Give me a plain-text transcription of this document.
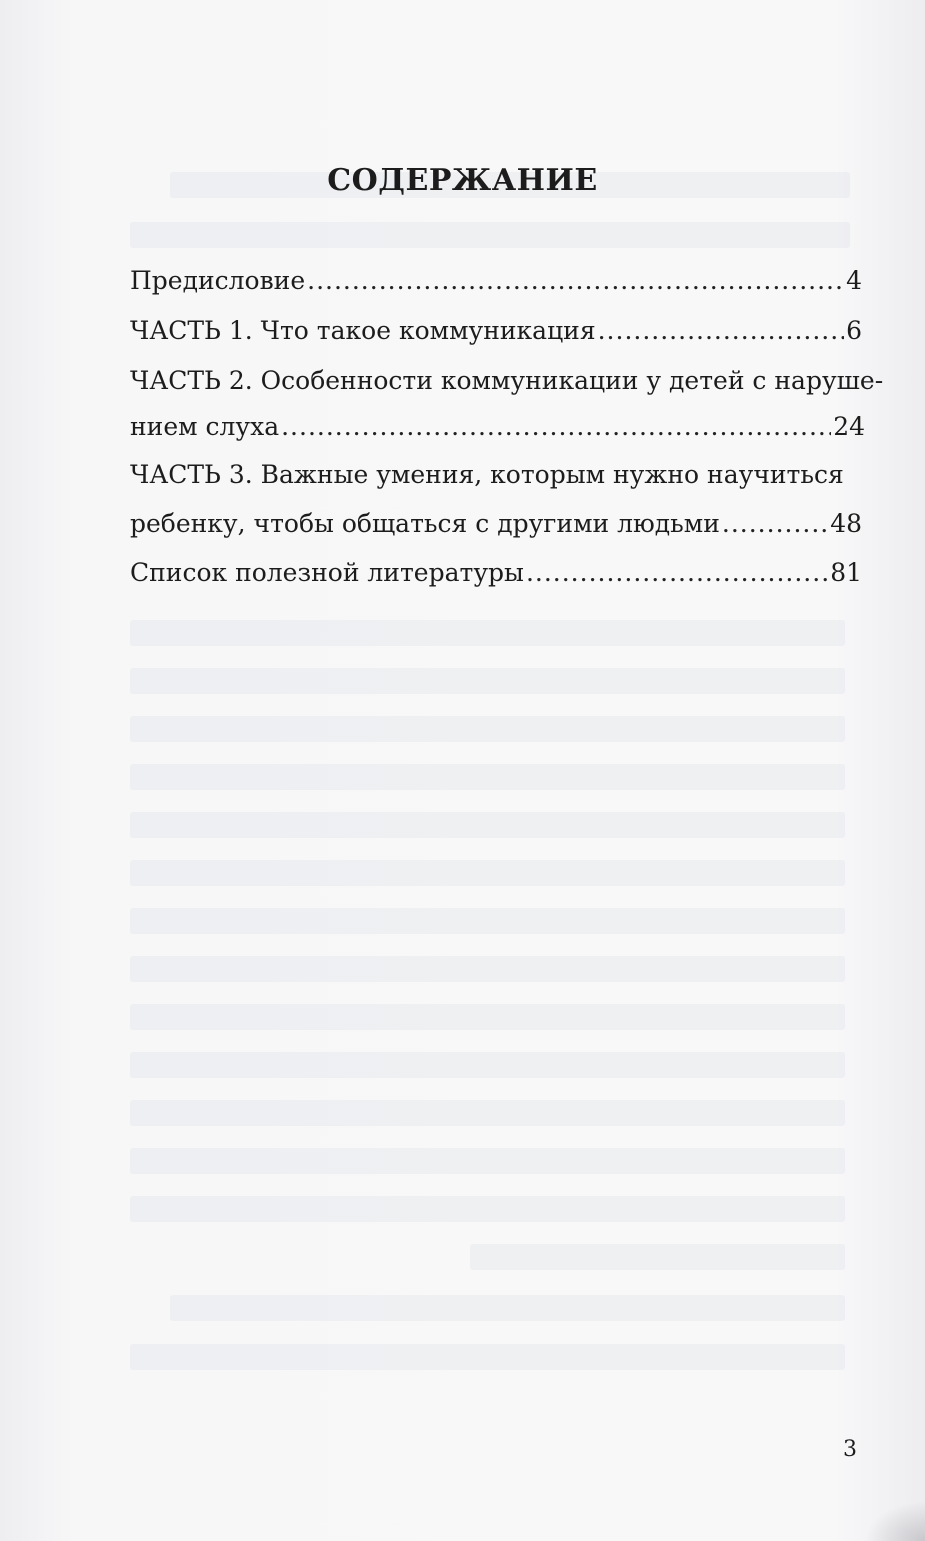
СОДЕРЖАНИЕ
Предисловие .....	4
ЧАСТЬ 1. Что такое коммуникация .....	6
ЧАСТЬ 2. Особенности коммуникации у детей с наруше-
нием слуха .....	24
ЧАСТЬ 3. Важные умения, которым нужно научиться
ребенку, чтобы общаться с другими людьми .....	48
Список полезной литературы .....	81
3
